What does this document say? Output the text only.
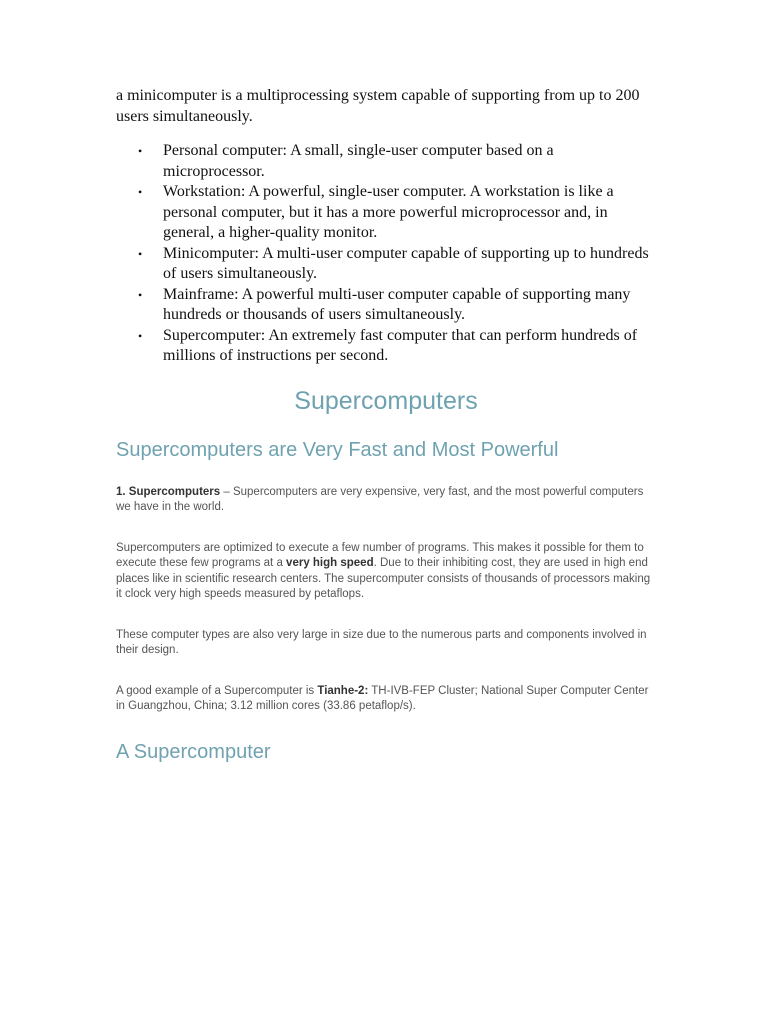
a minicomputer is a multiprocessing system capable of supporting from up to 200 users simultaneously.

• Personal computer: A small, single-user computer based on a microprocessor.
• Workstation: A powerful, single-user computer. A workstation is like a personal computer, but it has a more powerful microprocessor and, in general, a higher-quality monitor.
• Minicomputer: A multi-user computer capable of supporting up to hundreds of users simultaneously.
• Mainframe: A powerful multi-user computer capable of supporting many hundreds or thousands of users simultaneously.
• Supercomputer: An extremely fast computer that can perform hundreds of millions of instructions per second.
Supercomputers
Supercomputers are Very Fast and Most Powerful

1. Supercomputers – Supercomputers are very expensive, very fast, and the most powerful computers we have in the world.

Supercomputers are optimized to execute a few number of programs. This makes it possible for them to execute these few programs at a very high speed. Due to their inhibiting cost, they are used in high end places like in scientific research centers. The supercomputer consists of thousands of processors making it clock very high speeds measured by petaflops.

These computer types are also very large in size due to the numerous parts and components involved in their design.

A good example of a Supercomputer is Tianhe-2: TH-IVB-FEP Cluster; National Super Computer Center in Guangzhou, China; 3.12 million cores (33.86 petaflop/s).

A Supercomputer
